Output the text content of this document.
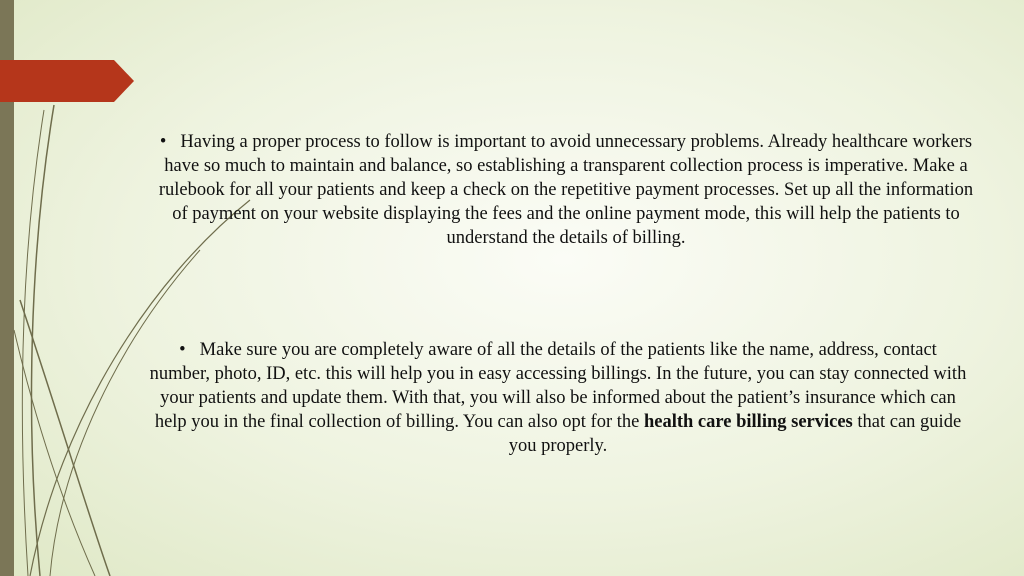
• Having a proper process to follow is important to avoid unnecessary problems. Already healthcare workers have so much to maintain and balance, so establishing a transparent collection process is imperative. Make a rulebook for all your patients and keep a check on the repetitive payment processes. Set up all the information of payment on your website displaying the fees and the online payment mode, this will help the patients to understand the details of billing.
• Make sure you are completely aware of all the details of the patients like the name, address, contact number, photo, ID, etc. this will help you in easy accessing billings. In the future, you can stay connected with your patients and update them. With that, you will also be informed about the patient’s insurance which can help you in the final collection of billing. You can also opt for the health care billing services that can guide you properly.
